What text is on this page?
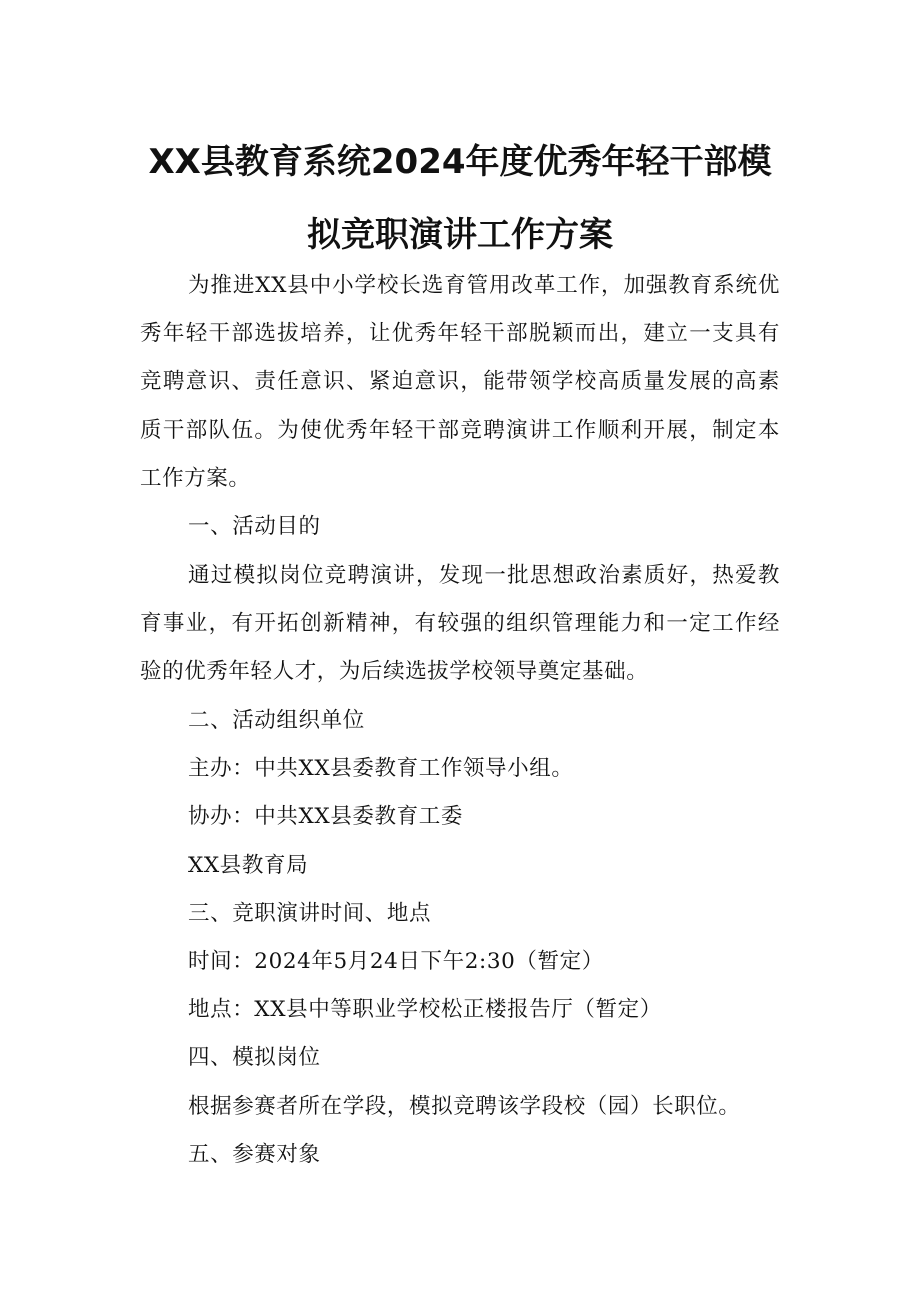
XX县教育系统2024年度优秀年轻干部模
拟竞职演讲工作方案

为推进XX县中小学校长选育管用改革工作，加强教育系统优秀年轻干部选拔培养，让优秀年轻干部脱颖而出，建立一支具有竞聘意识、责任意识、紧迫意识，能带领学校高质量发展的高素质干部队伍。为使优秀年轻干部竞聘演讲工作顺利开展，制定本工作方案。

一、活动目的

通过模拟岗位竞聘演讲，发现一批思想政治素质好，热爱教育事业，有开拓创新精神，有较强的组织管理能力和一定工作经验的优秀年轻人才，为后续选拔学校领导奠定基础。

二、活动组织单位

主办：中共XX县委教育工作领导小组。

协办：中共XX县委教育工委

XX县教育局

三、竞职演讲时间、地点

时间：2024年5月24日下午2:30（暂定）

地点：XX县中等职业学校松正楼报告厅（暂定）

四、模拟岗位

根据参赛者所在学段，模拟竞聘该学段校（园）长职位。

五、参赛对象
